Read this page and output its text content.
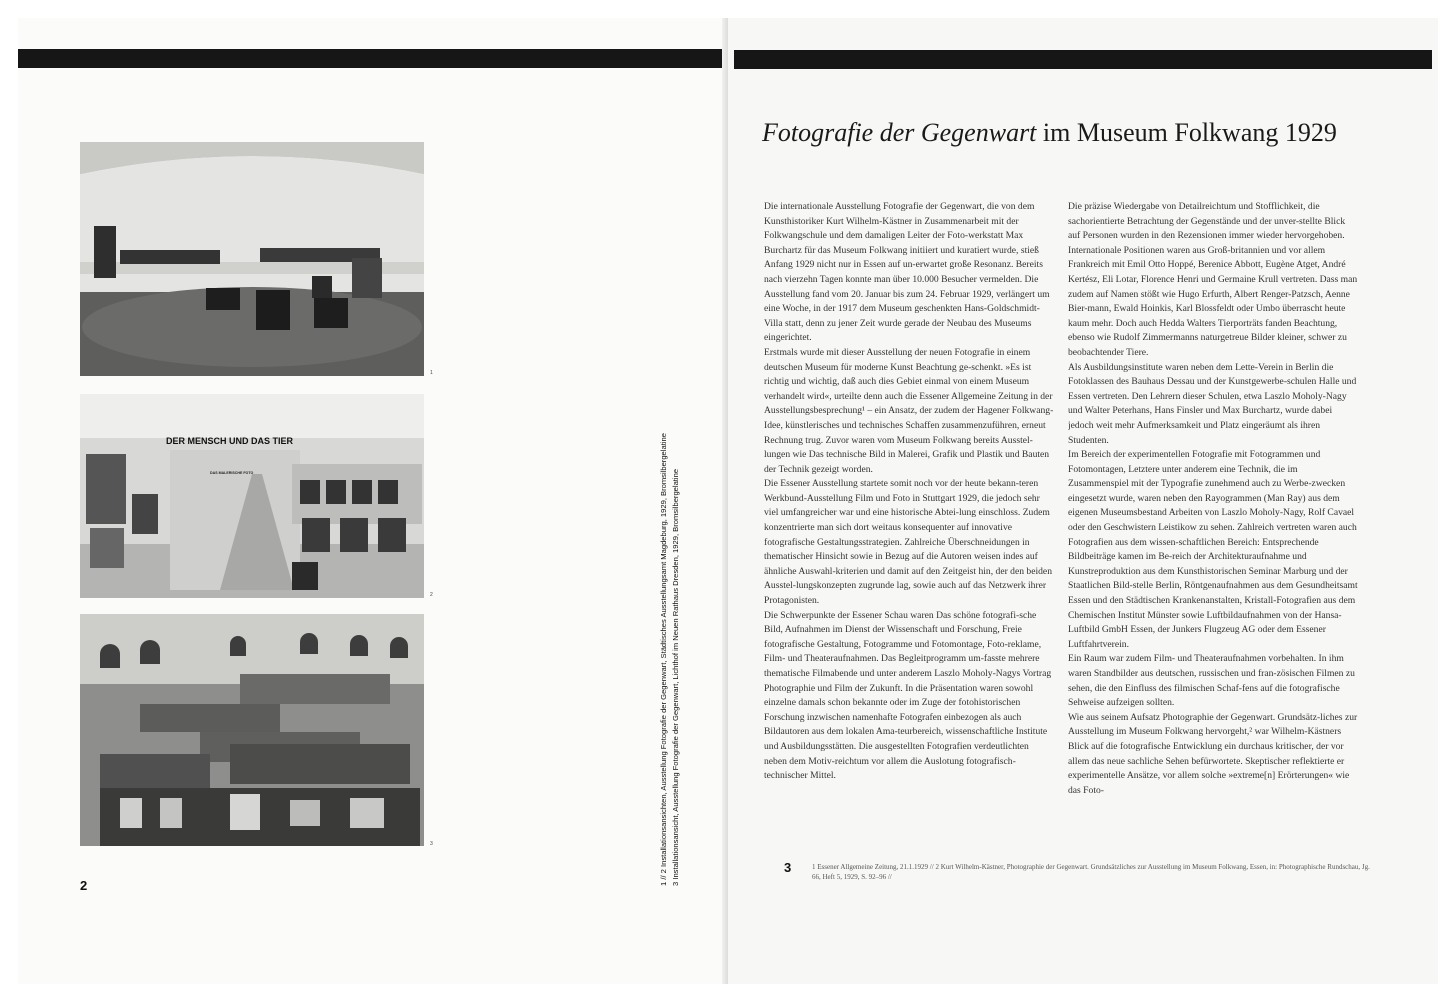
1
DER MENSCH UND DAS TIER
DAS MALERISCHE FOTO
2
3
2	1 // 2 Installationsansichten, Ausstellung Fotografie der Gegenwart, Städtisches Ausstellungsamt Magdeburg, 1929, Bromsilbergelatine 3 Installationsansicht, Ausstellung Fotografie der Gegenwart, Lichthof im Neuen Rathaus Dresden, 1929, Bromsilbergelatine
Fotografie der Gegenwart im Museum Folkwang 1929

Die internationale Ausstellung Fotografie der Gegenwart, die von dem Kunsthistoriker Kurt Wilhelm-Kästner in Zusammenarbeit mit der Folkwangschule und dem damaligen Leiter der Foto-werkstatt Max Burchartz für das Museum Folkwang initiiert und kuratiert wurde, stieß Anfang 1929 nicht nur in Essen auf un-erwartet große Resonanz. Bereits nach vierzehn Tagen konnte man über 10.000 Besucher vermelden. Die Ausstellung fand vom 20. Januar bis zum 24. Februar 1929, verlängert um eine Woche, in der 1917 dem Museum geschenkten Hans-Goldschmidt-Villa statt, denn zu jener Zeit wurde gerade der Neubau des Museums eingerichtet.

Erstmals wurde mit dieser Ausstellung der neuen Fotografie in einem deutschen Museum für moderne Kunst Beachtung ge-schenkt. »Es ist richtig und wichtig, daß auch dies Gebiet einmal von einem Museum verhandelt wird«, urteilte denn auch die Essener Allgemeine Zeitung in der Ausstellungsbesprechung¹ – ein Ansatz, der zudem der Hagener Folkwang-Idee, künstlerisches und technisches Schaffen zusammenzuführen, erneut Rechnung trug. Zuvor waren vom Museum Folkwang bereits Ausstel-lungen wie Das technische Bild in Malerei, Grafik und Plastik und Bauten der Technik gezeigt worden.

Die Essener Ausstellung startete somit noch vor der heute bekann-teren Werkbund-Ausstellung Film und Foto in Stuttgart 1929, die jedoch sehr viel umfangreicher war und eine historische Abtei-lung einschloss. Zudem konzentrierte man sich dort weitaus konsequenter auf innovative fotografische Gestaltungsstrategien. Zahlreiche Überschneidungen in thematischer Hinsicht sowie in Bezug auf die Autoren weisen indes auf ähnliche Auswahl-kriterien und damit auf den Zeitgeist hin, der den beiden Ausstel-lungskonzepten zugrunde lag, sowie auch auf das Netzwerk ihrer Protagonisten.

Die Schwerpunkte der Essener Schau waren Das schöne fotografi-sche Bild, Aufnahmen im Dienst der Wissenschaft und Forschung, Freie fotografische Gestaltung, Fotogramme und Fotomontage, Foto-reklame, Film- und Theateraufnahmen. Das Begleitprogramm um-fasste mehrere thematische Filmabende und unter anderem Laszlo Moholy-Nagys Vortrag Photographie und Film der Zukunft. In die Präsentation waren sowohl einzelne damals schon bekannte oder im Zuge der fotohistorischen Forschung inzwischen namenhafte Fotografen einbezogen als auch Bildautoren aus dem lokalen Ama-teurbereich, wissenschaftliche Institute und Ausbildungsstätten. Die ausgestellten Fotografien verdeutlichten neben dem Motiv-reichtum vor allem die Auslotung fotografisch-technischer Mittel.

Die präzise Wiedergabe von Detailreichtum und Stofflichkeit, die sachorientierte Betrachtung der Gegenstände und der unver-stellte Blick auf Personen wurden in den Rezensionen immer wieder hervorgehoben. Internationale Positionen waren aus Groß-britannien und vor allem Frankreich mit Emil Otto Hoppé, Berenice Abbott, Eugène Atget, André Kertész, Eli Lotar, Florence Henri und Germaine Krull vertreten. Dass man zudem auf Namen stößt wie Hugo Erfurth, Albert Renger-Patzsch, Aenne Bier-mann, Ewald Hoinkis, Karl Blossfeldt oder Umbo überrascht heute kaum mehr. Doch auch Hedda Walters Tierporträts fanden Beachtung, ebenso wie Rudolf Zimmermanns naturgetreue Bilder kleiner, schwer zu beobachtender Tiere.

Als Ausbildungsinstitute waren neben dem Lette-Verein in Berlin die Fotoklassen des Bauhaus Dessau und der Kunstgewerbe-schulen Halle und Essen vertreten. Den Lehrern dieser Schulen, etwa Laszlo Moholy-Nagy und Walter Peterhans, Hans Finsler und Max Burchartz, wurde dabei jedoch weit mehr Aufmerksamkeit und Platz eingeräumt als ihren Studenten.

Im Bereich der experimentellen Fotografie mit Fotogrammen und Fotomontagen, Letztere unter anderem eine Technik, die im Zusammenspiel mit der Typografie zunehmend auch zu Werbe-zwecken eingesetzt wurde, waren neben den Rayogrammen (Man Ray) aus dem eigenen Museumsbestand Arbeiten von Laszlo Moholy-Nagy, Rolf Cavael oder den Geschwistern Leistikow zu sehen. Zahlreich vertreten waren auch Fotografien aus dem wissen-schaftlichen Bereich: Entsprechende Bildbeiträge kamen im Be-reich der Architekturaufnahme und Kunstreproduktion aus dem Kunsthistorischen Seminar Marburg und der Staatlichen Bild-stelle Berlin, Röntgenaufnahmen aus dem Gesundheitsamt Essen und den Städtischen Krankenanstalten, Kristall-Fotografien aus dem Chemischen Institut Münster sowie Luftbildaufnahmen von der Hansa-Luftbild GmbH Essen, der Junkers Flugzeug AG oder dem Essener Luftfahrtverein.

Ein Raum war zudem Film- und Theateraufnahmen vorbehalten. In ihm waren Standbilder aus deutschen, russischen und fran-zösischen Filmen zu sehen, die den Einfluss des filmischen Schaf-fens auf die fotografische Sehweise aufzeigen sollten.

Wie aus seinem Aufsatz Photographie der Gegenwart. Grundsätz-liches zur Ausstellung im Museum Folkwang hervorgeht,² war Wilhelm-Kästners Blick auf die fotografische Entwicklung ein durchaus kritischer, der vor allem das neue sachliche Sehen befürwortete. Skeptischer reflektierte er experimentelle Ansätze, vor allem solche »extreme[n] Erörterungen« wie das Foto-

3	1 Essener Allgemeine Zeitung, 21.1.1929 // 2 Kurt Wilhelm-Kästner, Photographie der Gegenwart. Grundsätzliches zur Ausstellung im Museum Folkwang, Essen, in: Photographische Rundschau, Jg. 66, Heft 5, 1929, S. 92–96 //
